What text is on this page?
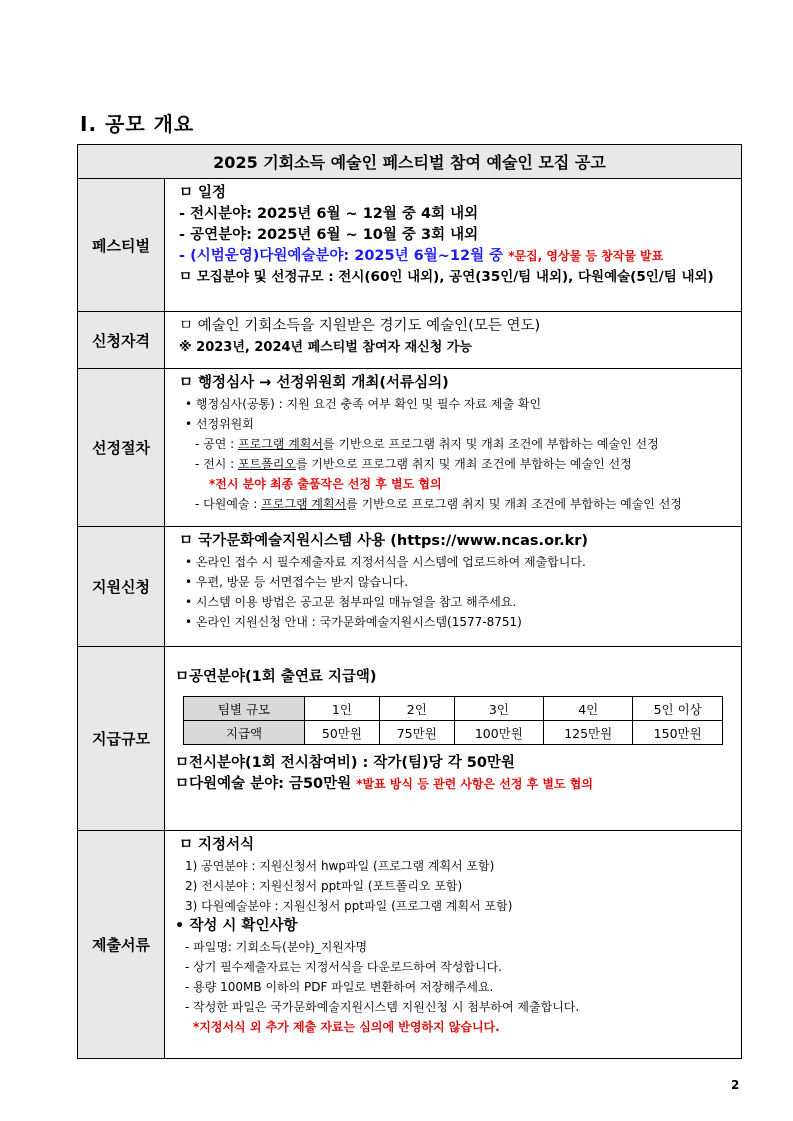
Ⅰ. 공모 개요
2025 기회소득 예술인 페스티벌 참여 예술인 모집 공고
페스티벌	
ㅁ 일정
- 전시분야: 2025년 6월 ~ 12월 중 4회 내외
- 공연분야: 2025년 6월 ~ 10월 중 3회 내외
- (시범운영)다원예술분야: 2025년 6월~12월 중 *문집, 영상물 등 창작물 발표
ㅁ 모집분야 및 선정규모 : 전시(60인 내외), 공연(35인/팀 내외), 다원예술(5인/팀 내외)

신청자격	
ㅁ 예술인 기회소득을 지원받은 경기도 예술인(모든 연도)
※ 2023년, 2024년 페스티벌 참여자 재신청 가능

선정절차	
ㅁ 행정심사 → 선정위원회 개최(서류심의)
• 행정심사(공통) : 지원 요건 충족 여부 확인 및 필수 자료 제출 확인
• 선정위원회
- 공연 : 프로그램 계획서를 기반으로 프로그램 취지 및 개최 조건에 부합하는 예술인 선정
- 전시 : 포트폴리오를 기반으로 프로그램 취지 및 개최 조건에 부합하는 예술인 선정
*전시 분야 최종 출품작은 선정 후 별도 협의
- 다원예술 : 프로그램 계획서를 기반으로 프로그램 취지 및 개최 조건에 부합하는 예술인 선정

지원신청	
ㅁ 국가문화예술지원시스템 사용 (https://www.ncas.or.kr)
• 온라인 접수 시 필수제출자료 지정서식을 시스템에 업로드하여 제출합니다.
• 우편, 방문 등 서면접수는 받지 않습니다.
• 시스템 이용 방법은 공고문 첨부파일 매뉴얼을 참고 해주세요.
• 온라인 지원신청 안내 : 국가문화예술지원시스템(1577-8751)

지급규모	
ㅁ공연분야(1회 출연료 지급액)
팀별 규모	1인	2인	3인	4인	5인 이상
지급액	50만원	75만원	100만원	125만원	150만원
ㅁ전시분야(1회 전시참여비) : 작가(팀)당 각 50만원
ㅁ다원예술 분야: 금50만원 *발표 방식 등 관련 사항은 선정 후 별도 협의

제출서류	
ㅁ 지정서식
1) 공연분야 : 지원신청서 hwp파일 (프로그램 계획서 포함)
2) 전시분야 : 지원신청서 ppt파일 (포트폴리오 포함)
3) 다원예술분야 : 지원신청서 ppt파일 (프로그램 계획서 포함)
• 작성 시 확인사항
- 파일명: 기회소득(분야)_지원자명
- 상기 필수제출자료는 지정서식을 다운로드하여 작성합니다.
- 용량 100MB 이하의 PDF 파일로 변환하여 저장해주세요.
- 작성한 파일은 국가문화예술지원시스템 지원신청 시 첨부하여 제출합니다.
*지정서식 외 추가 제출 자료는 심의에 반영하지 않습니다.
2
